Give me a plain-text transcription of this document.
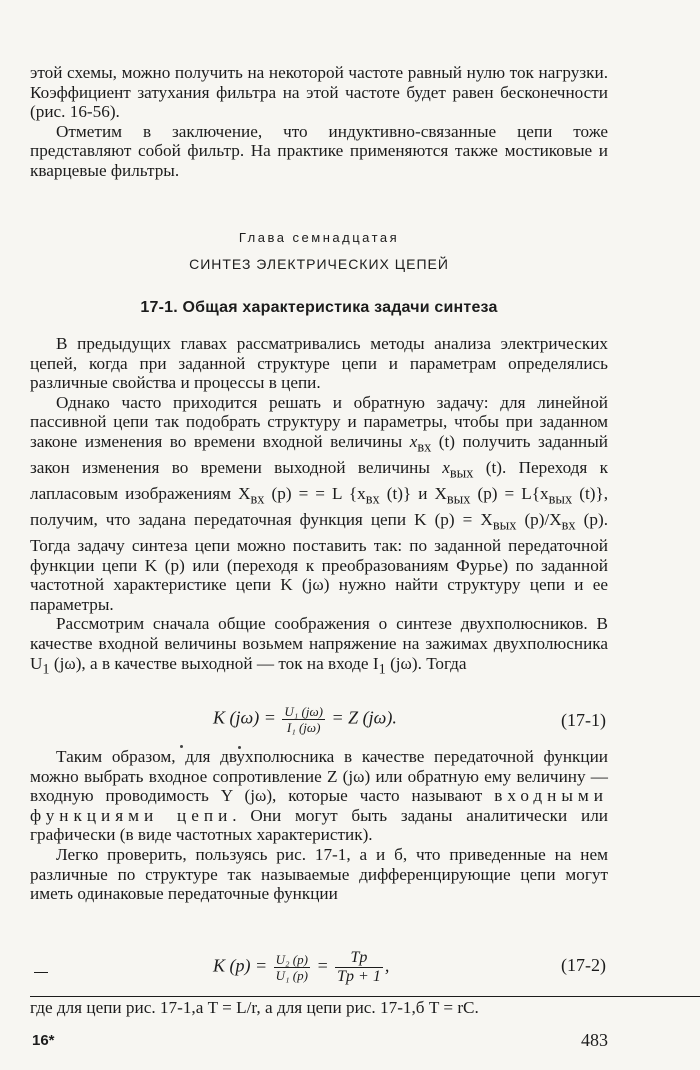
этой схемы, можно получить на некоторой частоте равный нулю ток нагрузки. Коэффициент затухания фильтра на этой частоте будет равен бесконечности (рис. 16-56).

Отметим в заключение, что индуктивно-связанные цепи тоже представляют собой фильтр. На практике применяются также мостиковые и кварцевые фильтры.

Глава семнадцатая
СИНТЕЗ ЭЛЕКТРИЧЕСКИХ ЦЕПЕЙ
17-1. Общая характеристика задачи синтеза

В предыдущих главах рассматривались методы анализа электрических цепей, когда при заданной структуре цепи и параметрам определялись различные свойства и процессы в цепи.

Однако часто приходится решать и обратную задачу: для линейной пассивной цепи так подобрать структуру и параметры, чтобы при заданном законе изменения во времени входной величины $x_{вх}$ (t) получить заданный закон изменения во времени выходной величины $x_{вых}$ (t). Переходя к лапласовым изображениям $X_{вх}$ (p) = = L {$x_{вх}$ (t)} и $X_{вых}$ $(p) = L\{x_{вых}$ (t)}, получим, что задана передаточная функция цепи K $(p) = X_{вых}$ $(p)/X_{вх}$ (p). Тогда задачу синтеза цепи можно поставить так: по заданной передаточной функции цепи K (p) или (переходя к преобразованиям Фурье) по заданной частотной характеристике цепи K (jω) нужно найти структуру цепи и ее параметры.

Рассмотрим сначала общие соображения о синтезе двухполюсников. В качестве входной величины возьмем напряжение на зажимах двухполюсника $U_1$ (jω), а в качестве выходной — ток на входе $I_1$ (jω). Тогда

K $(j\omega) = \frac{\text{U₁ (jω)}}{\text{I₁ (jω)}} = Z$ (jω).	(17-1)

Таким образом, для двухполюсника в качестве передаточной функции можно выбрать входное сопротивление Z (jω) или обратную ему величину — входную проводимость Y (jω), которые часто называют входными функциями цепи. Они могут быть заданы аналитически или графически (в виде частотных характеристик).

Легко проверить, пользуясь рис. 17-1, а и б, что приведенные на нем различные по структуре так называемые дифференцирующие цепи могут иметь одинаковые передаточные функции

K $(p) = \frac{\text{U₂ (p)}}{\text{U₁ (p)}} = \frac{Tp}{Tp + 1}$ ,	(17-2)
где для цепи рис. 17-1,а T = L/r, а для цепи рис. 17-1,б T = rC.
16*	483
